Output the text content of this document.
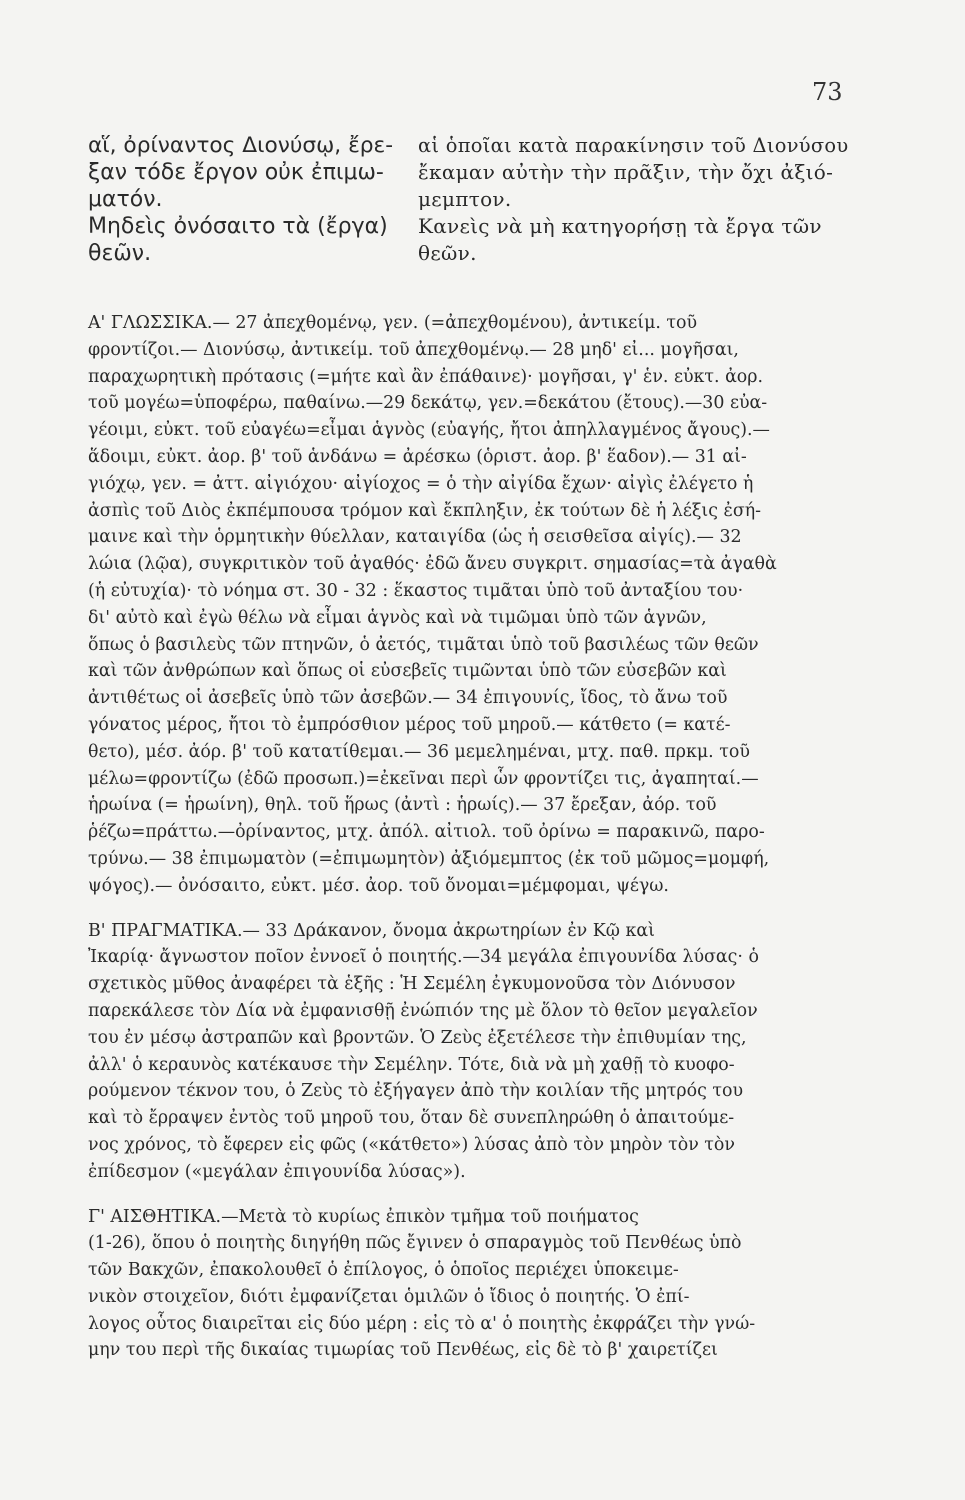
73
αἵ, ὀρίναντος Διονύσῳ, ἔρε-
ξαν τόδε ἔργον οὐκ ἐπιμω-
ματόν.
Μηδεὶς ὀνόσαιτο τὰ (ἔργα)
θεῶν.
αἱ ὁποῖαι κατὰ παρακίνησιν τοῦ Διονύσου
ἔκαμαν αὐτὴν τὴν πρᾶξιν, τὴν ὄχι ἀξιό-
μεμπτον.
Κανεὶς νὰ μὴ κατηγορήσῃ τὰ ἔργα τῶν
θεῶν.
Α' ΓΛΩΣΣΙΚΑ.— 27 ἀπεχθομένῳ, γεν. (=ἀπεχθομένου), ἀντικείμ. τοῦ
φροντίζοι.— Διονύσῳ, ἀντικείμ. τοῦ ἀπεχθομένῳ.— 28 μηδ' εἰ... μογῆσαι,
παραχωρητικὴ πρότασις (=μήτε καὶ ἂν ἐπάθαινε)· μογῆσαι, γ' ἑν. εὐκτ. ἀορ.
τοῦ μογέω=ὑποφέρω, παθαίνω.—29 δεκάτῳ, γεν.=δεκάτου (ἔτους).—30 εὐα-
γέοιμι, εὐκτ. τοῦ εὐαγέω=εἶμαι ἁγνὸς (εὐαγής, ἤτοι ἀπηλλαγμένος ἄγους).—
ἅδοιμι, εὐκτ. ἀορ. β' τοῦ ἁνδάνω = ἀρέσκω (ὁριστ. ἀορ. β' ἕαδον).— 31 αἰ-
γιόχῳ, γεν. = ἀττ. αἰγιόχου· αἰγίοχος = ὁ τὴν αἰγίδα ἔχων· αἰγὶς ἐλέγετο ἡ
ἀσπὶς τοῦ Διὸς ἐκπέμπουσα τρόμον καὶ ἔκπληξιν, ἐκ τούτων δὲ ἡ λέξις ἐσή-
μαινε καὶ τὴν ὁρμητικὴν θύελλαν, καταιγίδα (ὡς ἡ σεισθεῖσα αἰγίς).— 32
λώια (λῷα), συγκριτικὸν τοῦ ἀγαθός· ἐδῶ ἄνευ συγκριτ. σημασίας=τὰ ἀγαθὰ
(ἡ εὐτυχία)· τὸ νόημα στ. 30 - 32 : ἕκαστος τιμᾶται ὑπὸ τοῦ ἀνταξίου του·
δι' αὐτὸ καὶ ἐγὼ θέλω νὰ εἶμαι ἁγνὸς καὶ νὰ τιμῶμαι ὑπὸ τῶν ἁγνῶν,
ὅπως ὁ βασιλεὺς τῶν πτηνῶν, ὁ ἀετός, τιμᾶται ὑπὸ τοῦ βασιλέως τῶν θεῶν
καὶ τῶν ἀνθρώπων καὶ ὅπως οἱ εὐσεβεῖς τιμῶνται ὑπὸ τῶν εὐσεβῶν καὶ
ἀντιθέτως οἱ ἀσεβεῖς ὑπὸ τῶν ἀσεβῶν.— 34 ἐπιγουνίς, ἴδος, τὸ ἄνω τοῦ
γόνατος μέρος, ἤτοι τὸ ἐμπρόσθιον μέρος τοῦ μηροῦ.— κάτθετο (= κατέ-
θετο), μέσ. ἀόρ. β' τοῦ κατατίθεμαι.— 36 μεμελημέναι, μτχ. παθ. πρκμ. τοῦ
μέλω=φροντίζω (ἐδῶ προσωπ.)=ἐκεῖναι περὶ ὧν φροντίζει τις, ἀγαπηταί.—
ἡρωίνα (= ἡρωίνη), θηλ. τοῦ ἥρως (ἀντὶ : ἡρωίς).— 37 ἔρεξαν, ἀόρ. τοῦ
ῥέζω=πράττω.—ὀρίναντος, μτχ. ἀπόλ. αἰτιολ. τοῦ ὀρίνω = παρακινῶ, παρο-
τρύνω.— 38 ἐπιμωματὸν (=ἐπιμωμητὸν) ἀξιόμεμπτος (ἐκ τοῦ μῶμος=μομφή,
ψόγος).— ὀνόσαιτο, εὐκτ. μέσ. ἀορ. τοῦ ὄνομαι=μέμφομαι, ψέγω.
Β' ΠΡΑΓΜΑΤΙΚΑ.— 33 Δράκανον, ὄνομα ἀκρωτηρίων ἐν Κῷ καὶ
Ἰκαρίᾳ· ἄγνωστον ποῖον ἐννοεῖ ὁ ποιητής.—34 μεγάλα ἐπιγουνίδα λύσας· ὁ
σχετικὸς μῦθος ἀναφέρει τὰ ἑξῆς : Ἡ Σεμέλη ἐγκυμονοῦσα τὸν Διόνυσον
παρεκάλεσε τὸν Δία νὰ ἐμφανισθῇ ἐνώπιόν της μὲ ὅλον τὸ θεῖον μεγαλεῖον
του ἐν μέσῳ ἀστραπῶν καὶ βροντῶν. Ὁ Ζεὺς ἐξετέλεσε τὴν ἐπιθυμίαν της,
ἀλλ' ὁ κεραυνὸς κατέκαυσε τὴν Σεμέλην. Τότε, διὰ νὰ μὴ χαθῇ τὸ κυοφο-
ρούμενον τέκνον του, ὁ Ζεὺς τὸ ἐξήγαγεν ἀπὸ τὴν κοιλίαν τῆς μητρός του
καὶ τὸ ἔρραψεν ἐντὸς τοῦ μηροῦ του, ὅταν δὲ συνεπληρώθη ὁ ἀπαιτούμε-
νος χρόνος, τὸ ἔφερεν εἰς φῶς («κάτθετο») λύσας ἀπὸ τὸν μηρὸν τὸν τὸν
ἐπίδεσμον («μεγάλαν ἐπιγουνίδα λύσας»).
Γ' ΑΙΣΘΗΤΙΚΑ.—Μετὰ τὸ κυρίως ἐπικὸν τμῆμα τοῦ ποιήματος
(1-26), ὅπου ὁ ποιητὴς διηγήθη πῶς ἔγινεν ὁ σπαραγμὸς τοῦ Πενθέως ὑπὸ
τῶν Βακχῶν, ἐπακολουθεῖ ὁ ἐπίλογος, ὁ ὁποῖος περιέχει ὑποκειμε-
νικὸν στοιχεῖον, διότι ἐμφανίζεται ὁμιλῶν ὁ ἴδιος ὁ ποιητής. Ὁ ἐπί-
λογος οὗτος διαιρεῖται εἰς δύο μέρη : εἰς τὸ α' ὁ ποιητὴς ἐκφράζει τὴν γνώ-
μην του περὶ τῆς δικαίας τιμωρίας τοῦ Πενθέως, εἰς δὲ τὸ β' χαιρετίζει
